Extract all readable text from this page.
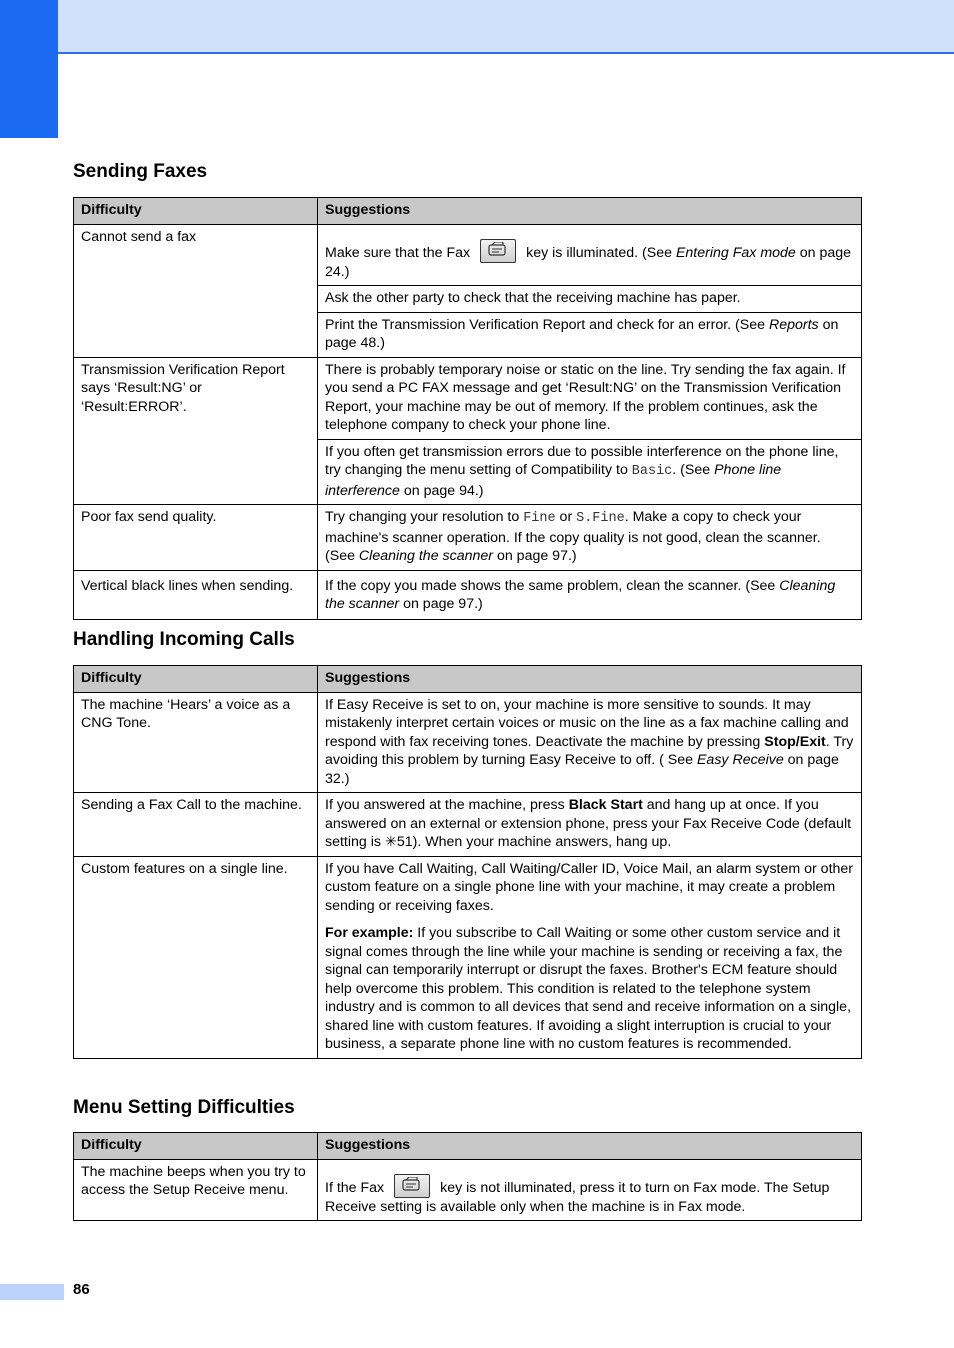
Sending Faxes
Difficulty	Suggestions
Cannot send a fax	Make sure that the Fax key is illuminated. (See Entering Fax mode on page 24.)
	Ask the other party to check that the receiving machine has paper.
	Print the Transmission Verification Report and check for an error. (See Reports on page 48.)
Transmission Verification Report says ‘Result:NG’ or ‘Result:ERROR’.	There is probably temporary noise or static on the line. Try sending the fax again. If you send a PC FAX message and get ‘Result:NG’ on the Transmission Verification Report, your machine may be out of memory. If the problem continues, ask the telephone company to check your phone line.
	If you often get transmission errors due to possible interference on the phone line, try changing the menu setting of Compatibility to Basic. (See Phone line interference on page 94.)
Poor fax send quality.	Try changing your resolution to Fine or S.Fine. Make a copy to check your machine's scanner operation. If the copy quality is not good, clean the scanner. (See Cleaning the scanner on page 97.)
Vertical black lines when sending.	If the copy you made shows the same problem, clean the scanner. (See Cleaning the scanner on page 97.)
Handling Incoming Calls
Difficulty	Suggestions
The machine ‘Hears’ a voice as a CNG Tone.	If Easy Receive is set to on, your machine is more sensitive to sounds. It may mistakenly interpret certain voices or music on the line as a fax machine calling and respond with fax receiving tones. Deactivate the machine by pressing Stop/Exit. Try avoiding this problem by turning Easy Receive to off. ( See Easy Receive on page 32.)
Sending a Fax Call to the machine.	If you answered at the machine, press Black Start and hang up at once. If you answered on an external or extension phone, press your Fax Receive Code (default setting is ✳51). When your machine answers, hang up.
Custom features on a single line.	If you have Call Waiting, Call Waiting/Caller ID, Voice Mail, an alarm system or other custom feature on a single phone line with your machine, it may create a problem sending or receiving faxes.

For example: If you subscribe to Call Waiting or some other custom service and it signal comes through the line while your machine is sending or receiving a fax, the signal can temporarily interrupt or disrupt the faxes. Brother's ECM feature should help overcome this problem. This condition is related to the telephone system industry and is common to all devices that send and receive information on a single, shared line with custom features. If avoiding a slight interruption is crucial to your business, a separate phone line with no custom features is recommended.

Menu Setting Difficulties
Difficulty	Suggestions
The machine beeps when you try to access the Setup Receive menu.	If the Fax key is not illuminated, press it to turn on Fax mode. The Setup Receive setting is available only when the machine is in Fax mode.
86
